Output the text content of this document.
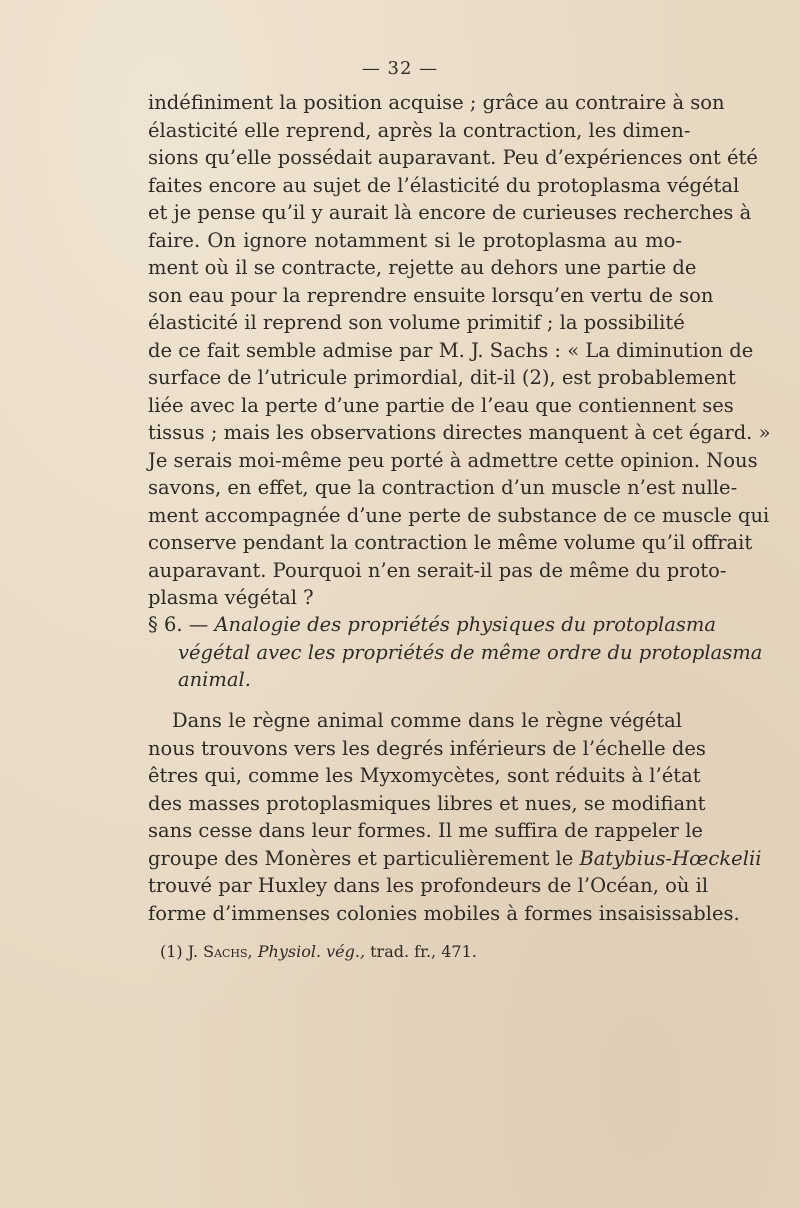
— 32 —
indéfiniment la position acquise ; grâce au contraire à son
élasticité elle reprend, après la contraction, les dimen-
sions qu’elle possédait auparavant. Peu d’expériences ont été
faites encore au sujet de l’élasticité du protoplasma végétal
et je pense qu’il y aurait là encore de curieuses recherches à
faire. On ignore notamment si le protoplasma au mo-
ment où il se contracte, rejette au dehors une partie de
son eau pour la reprendre ensuite lorsqu’en vertu de son
élasticité il reprend son volume primitif ; la possibilité
de ce fait semble admise par M. J. Sachs : « La diminution de
surface de l’utricule primordial, dit-il (2), est probablement
liée avec la perte d’une partie de l’eau que contiennent ses
tissus ; mais les observations directes manquent à cet égard. »
Je serais moi-même peu porté à admettre cette opinion. Nous
savons, en effet, que la contraction d’un muscle n’est nulle-
ment accompagnée d’une perte de substance de ce muscle qui
conserve pendant la contraction le même volume qu’il offrait
auparavant. Pourquoi n’en serait-il pas de même du proto-
plasma végétal ?
§ 6. — Analogie des propriétés physiques du protoplasma
végétal avec les propriétés de même ordre du protoplasma
animal.
Dans le règne animal comme dans le règne végétal
nous trouvons vers les degrés inférieurs de l’échelle des
êtres qui, comme les Myxomycètes, sont réduits à l’état
des masses protoplasmiques libres et nues, se modifiant
sans cesse dans leur formes. Il me suffira de rappeler le
groupe des Monères et particulièrement le Batybius-Hœckelii
trouvé par Huxley dans les profondeurs de l’Océan, où il
forme d’immenses colonies mobiles à formes insaisissables.
(1) J. Sachs, Physiol. vég., trad. fr., 471.
